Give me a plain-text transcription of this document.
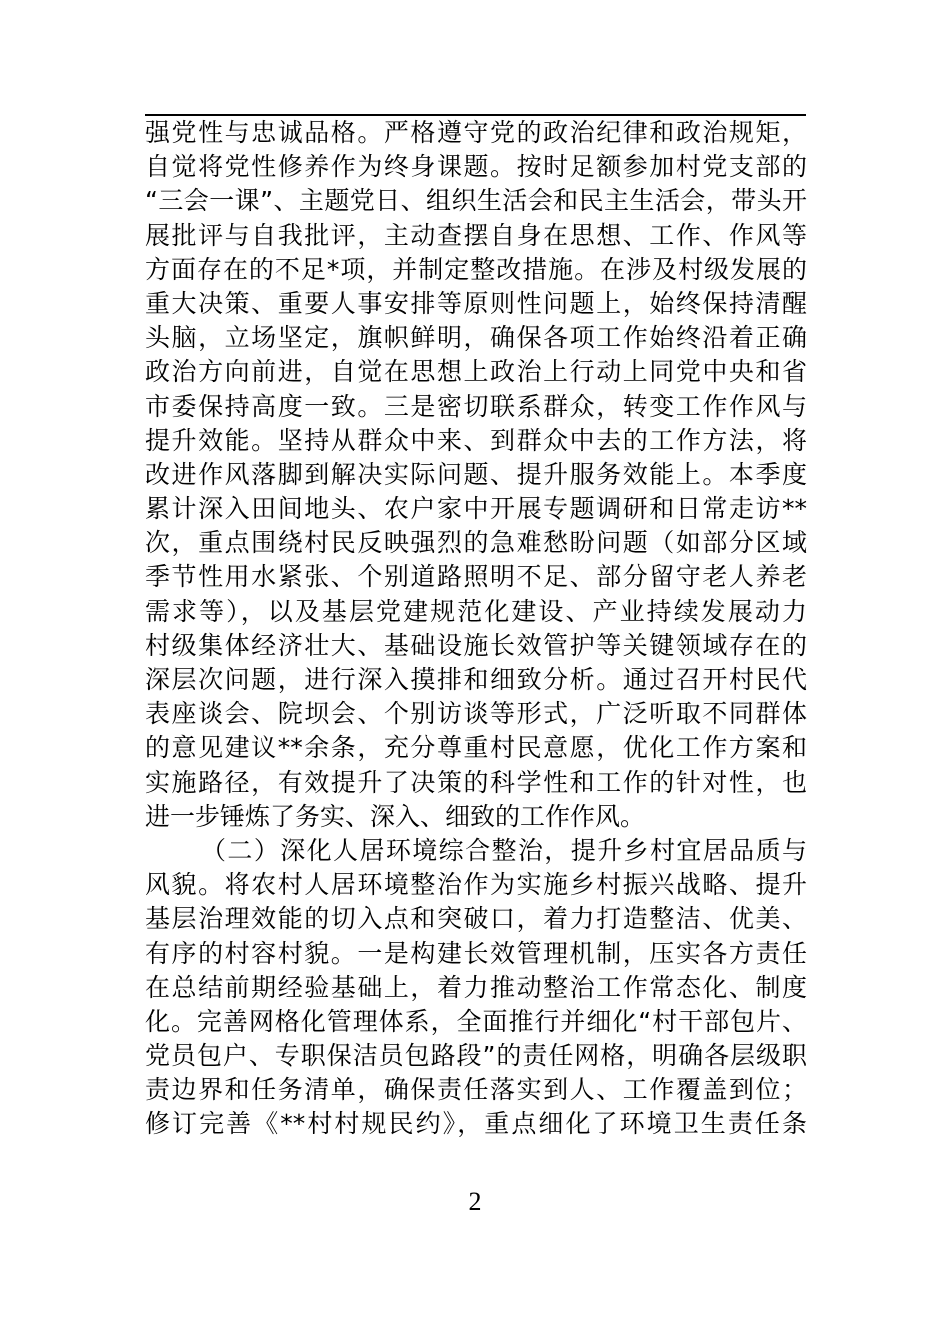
强党性与忠诚品格。严格遵守党的政治纪律和政治规矩，
自觉将党性修养作为终身课题。按时足额参加村党支部的
“三会一课”、主题党日、组织生活会和民主生活会，带头开
展批评与自我批评，主动查摆自身在思想、工作、作风等
方面存在的不足*项，并制定整改措施。在涉及村级发展的
重大决策、重要人事安排等原则性问题上，始终保持清醒
头脑，立场坚定，旗帜鲜明，确保各项工作始终沿着正确
政治方向前进，自觉在思想上政治上行动上同党中央和省
市委保持高度一致。三是密切联系群众，转变工作作风与
提升效能。坚持从群众中来、到群众中去的工作方法，将
改进作风落脚到解决实际问题、提升服务效能上。本季度
累计深入田间地头、农户家中开展专题调研和日常走访**
次，重点围绕村民反映强烈的急难愁盼问题（如部分区域
季节性用水紧张、个别道路照明不足、部分留守老人养老
需求等），以及基层党建规范化建设、产业持续发展动力
村级集体经济壮大、基础设施长效管护等关键领域存在的
深层次问题，进行深入摸排和细致分析。通过召开村民代
表座谈会、院坝会、个别访谈等形式，广泛听取不同群体
的意见建议**余条，充分尊重村民意愿，优化工作方案和
实施路径，有效提升了决策的科学性和工作的针对性，也
进一步锤炼了务实、深入、细致的工作作风。
（二）深化人居环境综合整治，提升乡村宜居品质与
风貌。将农村人居环境整治作为实施乡村振兴战略、提升
基层治理效能的切入点和突破口，着力打造整洁、优美、
有序的村容村貌。一是构建长效管理机制，压实各方责任
在总结前期经验基础上，着力推动整治工作常态化、制度
化。完善网格化管理体系，全面推行并细化“村干部包片、
党员包户、专职保洁员包路段”的责任网格，明确各层级职
责边界和任务清单，确保责任落实到人、工作覆盖到位；
修订完善《**村村规民约》，重点细化了环境卫生责任条
2
